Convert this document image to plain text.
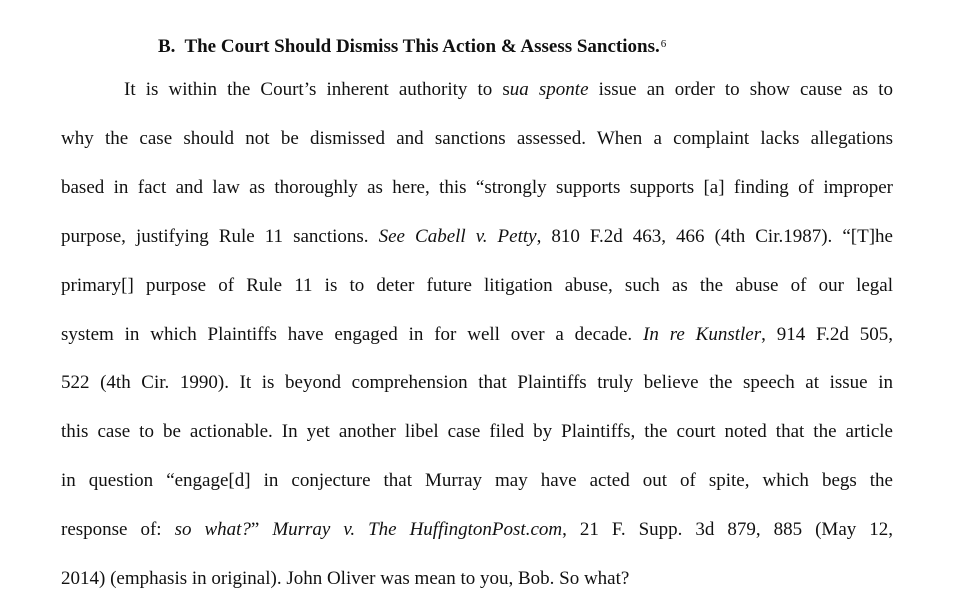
B. The Court Should Dismiss This Action & Assess Sanctions.$^6$
It is within the Court’s inherent authority to sua sponte issue an order to show cause as to
why the case should not be dismissed and sanctions assessed. When a complaint lacks allegations
based in fact and law as thoroughly as here, this “strongly supports supports [a] finding of improper
purpose, justifying Rule 11 sanctions. See Cabell v. Petty, 810 F.2d 463, 466 (4th Cir.1987). “[T]he
primary[] purpose of Rule 11 is to deter future litigation abuse, such as the abuse of our legal
system in which Plaintiffs have engaged in for well over a decade. In re Kunstler, 914 F.2d 505,
522 (4th Cir. 1990). It is beyond comprehension that Plaintiffs truly believe the speech at issue in
this case to be actionable. In yet another libel case filed by Plaintiffs, the court noted that the article
in question “engage[d] in conjecture that Murray may have acted out of spite, which begs the
response of: so what?” Murray v. The HuffingtonPost.com, 21 F. Supp. 3d 879, 885 (May 12,
2014) (emphasis in original). John Oliver was mean to you, Bob. So what?
